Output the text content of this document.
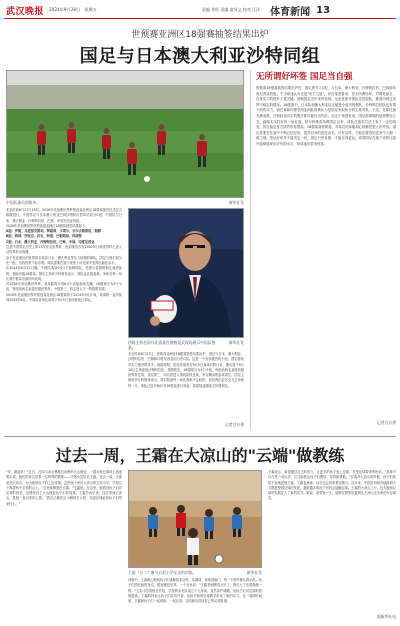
武汉晚报 2024年9月28日 星期五	责编 刘怀 责编 童凤文 校对 江洋 体育新闻 13
世预赛亚洲区18强赛抽签结果出炉
国足与日本澳大利亚沙特同组
中国队球员训练中。	新华社发

北京时间6月27日15时，2026年美加墨世界杯预选赛亚洲区18强赛抽签仪式在吉隆坡进行。中国男足与日本澳大利亚巴林沙特阿拉伯印尼同分C组，中国队与日本、澳大利亚、沙特阿拉伯、巴林、印度尼西亚同组。

2026年美加墨世界杯预选赛亚洲区18强赛抽签结果如下：

A组：伊朗、乌兹别克斯坦、阿联酋、卡塔尔、吉尔吉斯斯坦、朝鲜

B组：韩国、伊拉克、约旦、阿曼、巴勒斯坦、科威特

C组：日本、澳大利亚、沙特阿拉伯、巴林、中国、印度尼西亚

这是中国男足历史上第13次冲击世界杯，此前他们仅在2002年日韩世界杯上进入过世界杯决赛圈。

由于在亚洲区的世界排名较高日本、澳大利亚等实力较强的球队，国足与他们同分在一组，出线形势不容乐观。球队需要在接下来的十场比赛中发挥出最佳水平。

在2024年6月11日晚，中国队客场0比1不敌韩国队，凭借与泰国的相互战绩优势，惊险晋级18强赛。国足主帅伊万科维奇表示，球队会认真备战，争取在每一场比赛中都拿出最好的表现。

对2026年美加墨世界杯，亚足联将分得8.5个直接参赛名额。18强赛分为3个小组，每组前两名直接晋级世界杯，小组第三、四名进入下一阶段附加赛。

2026年美加墨世界杯预选赛亚洲区18强赛将于2024年9月开赛，赛事将一直持续到2025年6月。中国队首场比赛将于9月5日客场挑战日本队。

伊姆主持名国乌比嘉嘉在抽签仪式现场展示中国队签条。
新华社发
北京时间6月27日，世预赛亚洲区18强赛抽签结果出炉，国足与日本、澳大利亚、沙特阿拉伯、巴林和印度尼西亚同分在C组。这是一个竞争激烈的小组，国足将面对实力强劲的对手。根据赛程，国足首战将在9月5日客场对阵日本，随后将于9月10日主场迎战沙特阿拉伯。按照规定，18强赛分为3个小组，每组前两名直接晋级世界杯正赛。各组第三、四名将进入第四阶段比赛，争夺剩余的参赛席位。国足主教练伊万科维奇表示，我们知道每一场比赛都不会轻松，但是我们会尽全力去争取每一分。球队已经开始针对18强赛进行准备，希望球迷继续支持国家队。
记者吕万勇
无所谓好坏签 国足当自强
世预赛18强赛抽签结果出炉后，国足被分入C组，与日本、澳大利亚、沙特阿拉伯、巴林和印度尼西亚同组。不少球迷认为这是"死亡之组"，但在笔者看来，签无所谓好坏，对国足而言，自身实力的提升才是关键。回顾国足近年来的表现，无论是面对强队还是弱队，都曾出现过发挥不稳定的情况。18强赛中，日本队和澳大利亚队无疑是小组内的强队，沙特阿拉伯队也有着不俗的实力。而巴林和印度尼西亚两队则被认为是国足争取积分的主要对象。不过，足球比赛充满变数，任何轻视对手的想法都可能付出代价。从这个角度来说，国足需要做的是调整好心态，踏踏实实打好每一场比赛。伊万科维奇执教国足以来，球队在战术打法上有了一定的改变，但在稳定性方面仍有待提高。18强赛赛程紧凑，对球员的体能和心理都是很大的考验。国足需要在比赛中不断总结经验，提高自身的竞技水平。只有这样，才能在激烈的竞争中占据一席之地。签运好坏并不能决定一切，国足只有自强，才能走得更远。希望国足在接下来的比赛中能够展现出应有的水平，给球迷们带来惊喜。
记者吕万勇
过去一周，王霜在大凉山的"云端"做教练
"来，跑起来！"近日，在四川凉山彝族自治州的大山深处，一群女孩在球场上追逐着足球，她们的身边站着一位特殊的教练——中国女足队长王霜。过去一周，王霜来到大凉山，为当地的孩子们上足球课。这些孩子来自大凉山的五彩小学，学校位于海拔两千多米的山上。"这里就像是在云端。"王霜说。在这里，她看到孩子们对足球的热爱，也感受到了大山深处孩子们的纯真。王霜告诉记者，这次来到大凉山，是她一直以来的心愿。"我自己就是从小踢球长大的，知道足球能给孩子们带来什么。"
王霜（左二）参与五彩小学女足的训练。	新华社发
训练中，王霜耐心地给孩子们讲解技术动作，从颠球、传球到射门，每一个细节都认真示范。孩子们围在她的身边，眼里满是崇拜。一个女孩说："王霜老师踢得太好了，我长大了也要像她一样。"五彩小学的校长介绍，学校的女足队成立于几年前，虽然条件简陋，但孩子们对足球的热情很高。王霜的到来让孩子们非常兴奋，也给学校的足球教学带来了新的动力。在一周的时间里，王霜和孩子们一起训练、一起比赛，还给她们讲述自己的足球故事。
王霜表示，希望通过自己的努力，让更多的孩子爱上足球，享受足球带来的快乐。"足球不仅仅是一项运动，它还能教会孩子们团结、坚持和勇敢。"在离开大凉山的时候，孩子们依依不舍地送别王霜。王霜也承诺，以后还会再来看望她们。近年来，中国足协和各地政府大力推进校园足球的发展，越来越多的孩子有机会接触足球。王霜的大凉山之行，也为校园足球的发展注入了新的活力。她说，希望有一天，能够在国家队看到从大凉山走出来的女足球员。
据新华社电
